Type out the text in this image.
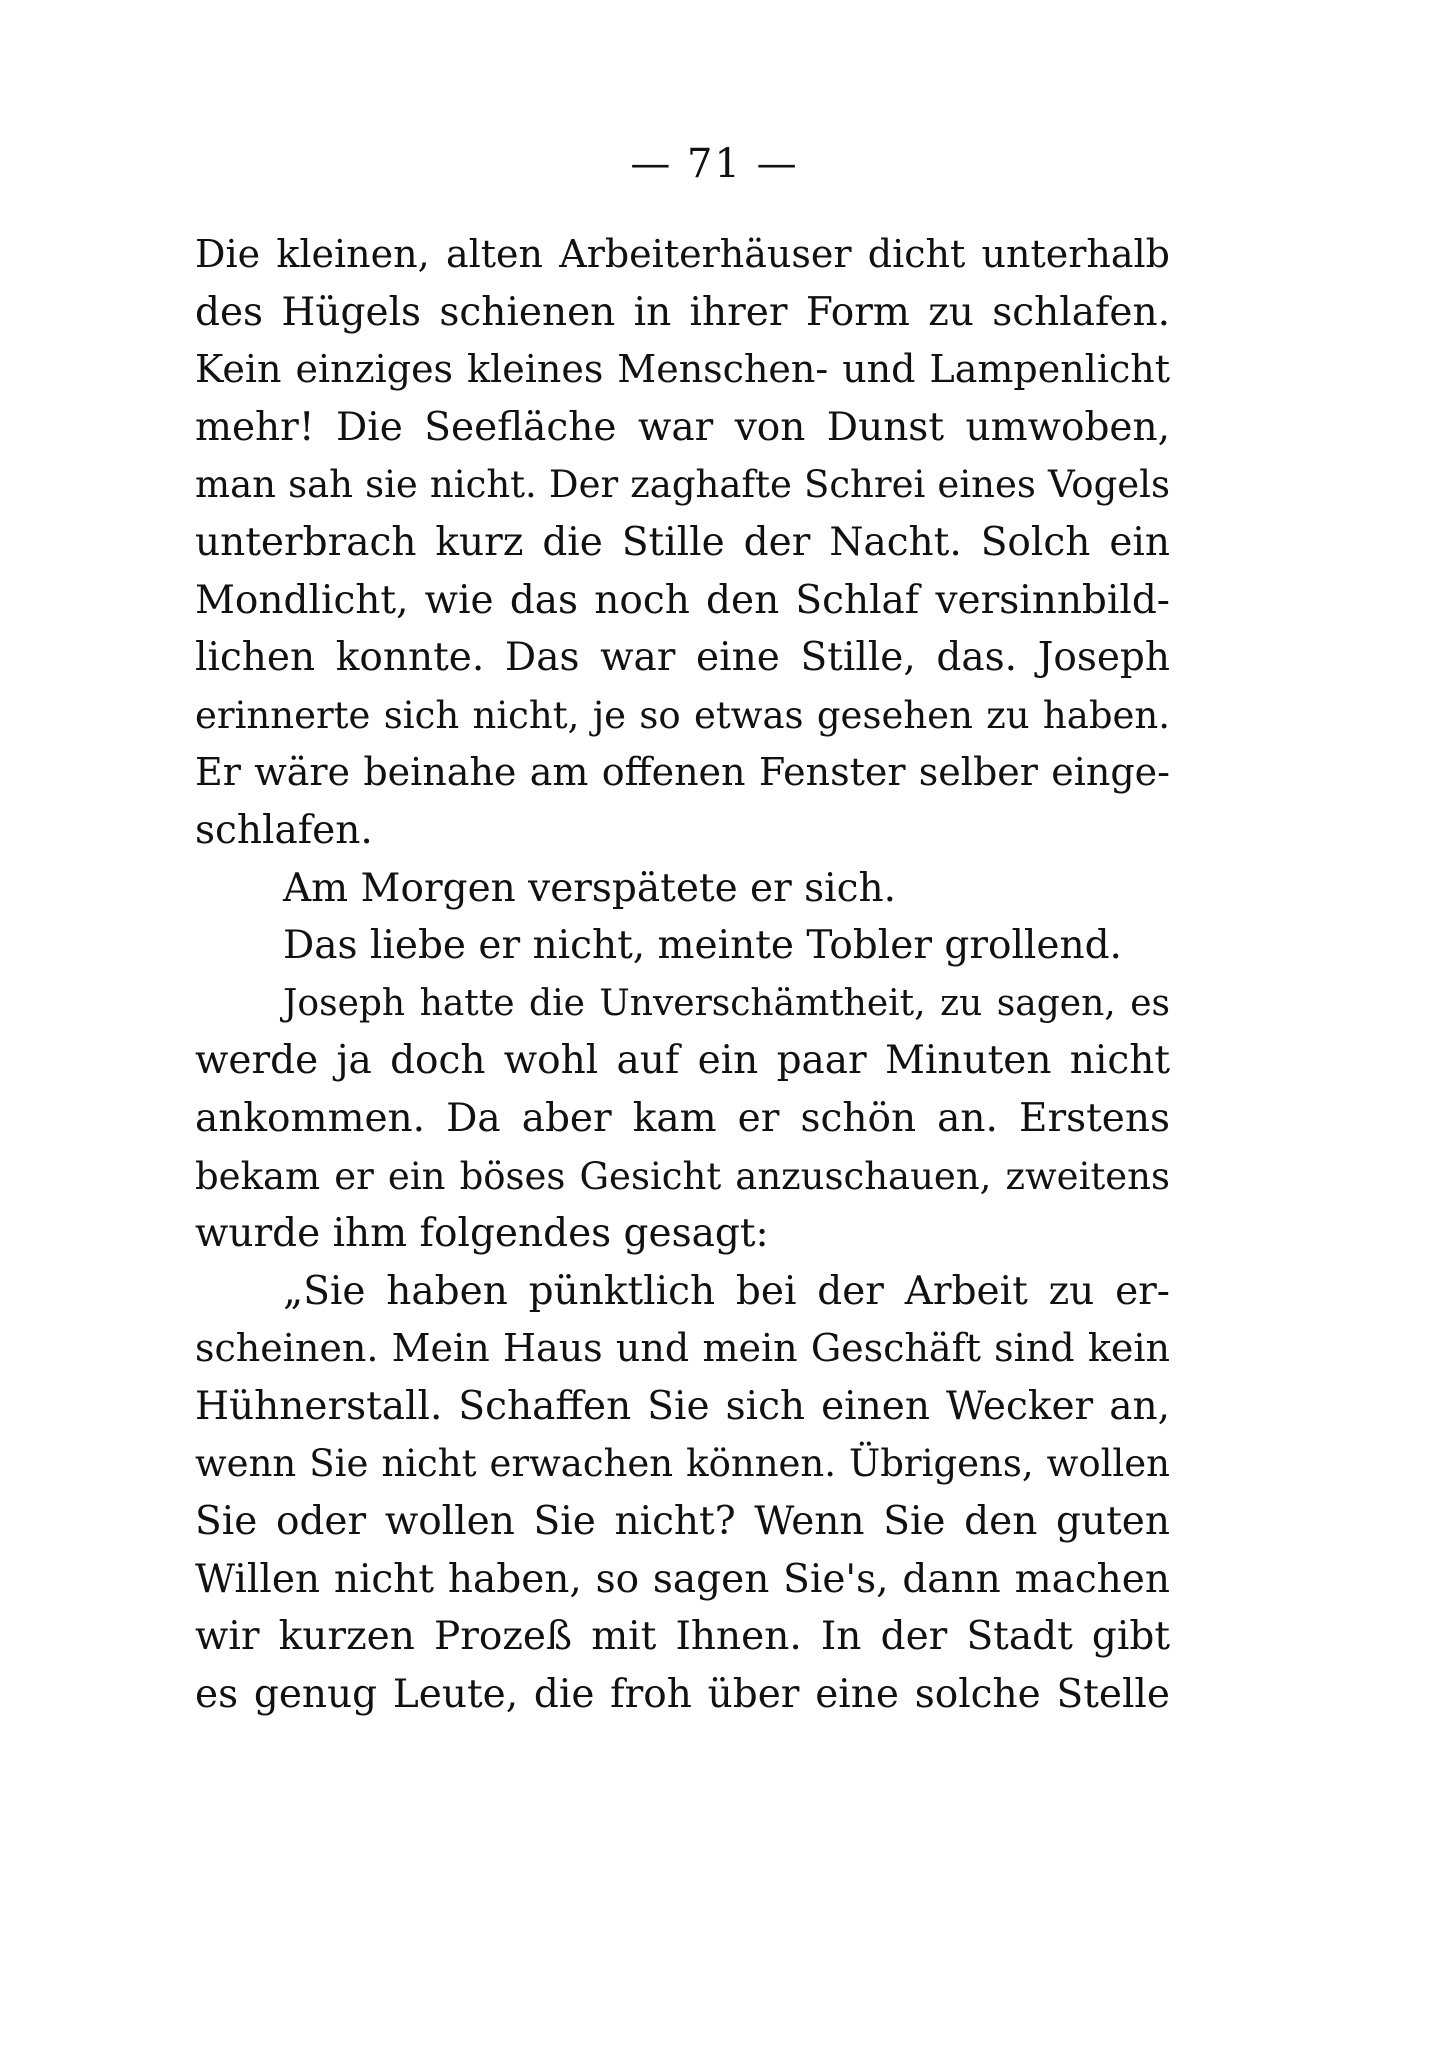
— 71 —
Die kleinen, alten Arbeiterhäuser dicht unterhalb
des Hügels schienen in ihrer Form zu schlafen.
Kein einziges kleines Menschen- und Lampenlicht
mehr! Die Seefläche war von Dunst umwoben,
man sah sie nicht. Der zaghafte Schrei eines Vogels
unterbrach kurz die Stille der Nacht. Solch ein
Mondlicht, wie das noch den Schlaf versinnbild-
lichen konnte. Das war eine Stille, das. Joseph
erinnerte sich nicht, je so etwas gesehen zu haben.
Er wäre beinahe am offenen Fenster selber einge-
schlafen.
Am Morgen verspätete er sich.
Das liebe er nicht, meinte Tobler grollend.
Joseph hatte die Unverschämtheit, zu sagen, es
werde ja doch wohl auf ein paar Minuten nicht
ankommen. Da aber kam er schön an. Erstens
bekam er ein böses Gesicht anzuschauen, zweitens
wurde ihm folgendes gesagt:
„Sie haben pünktlich bei der Arbeit zu er-
scheinen. Mein Haus und mein Geschäft sind kein
Hühnerstall. Schaffen Sie sich einen Wecker an,
wenn Sie nicht erwachen können. Übrigens, wollen
Sie oder wollen Sie nicht? Wenn Sie den guten
Willen nicht haben, so sagen Sie's, dann machen
wir kurzen Prozeß mit Ihnen. In der Stadt gibt
es genug Leute, die froh über eine solche Stelle
